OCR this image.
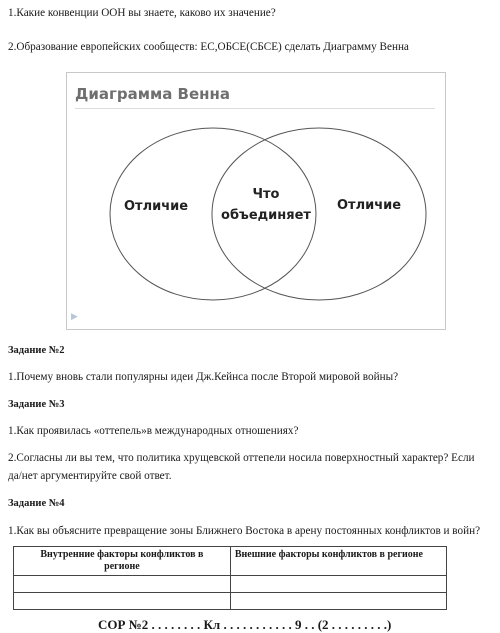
1.Какие конвенции ООН вы знаете, каково их значение?
2.Образование европейских сообществ: ЕС,ОБСЕ(СБСЕ) сделать Диаграмму Венна
Диаграмма Венна
Отличие
Что
объединяет
Отличие
▶
Задание №2
1.Почему вновь стали популярны идеи Дж.Кейнса после Второй мировой войны?
Задание №3
1.Как проявилась «оттепель»в международных отношениях?
2.Согласны ли вы тем, что политика хрущевской оттепели носила поверхностный характер? Если
да/нет аргументируйте свой ответ.
Задание №4
1.Как вы объясните превращение зоны Ближнего Востока в арену постоянных конфликтов и войн?
Внутренние факторы конфликтов в
регионе	Внешние факторы конфликтов в регионе

СОР №2 . . . . . . . . Кл . . . . . . . . . . . 9 . . (2 . . . . . . . . .)
